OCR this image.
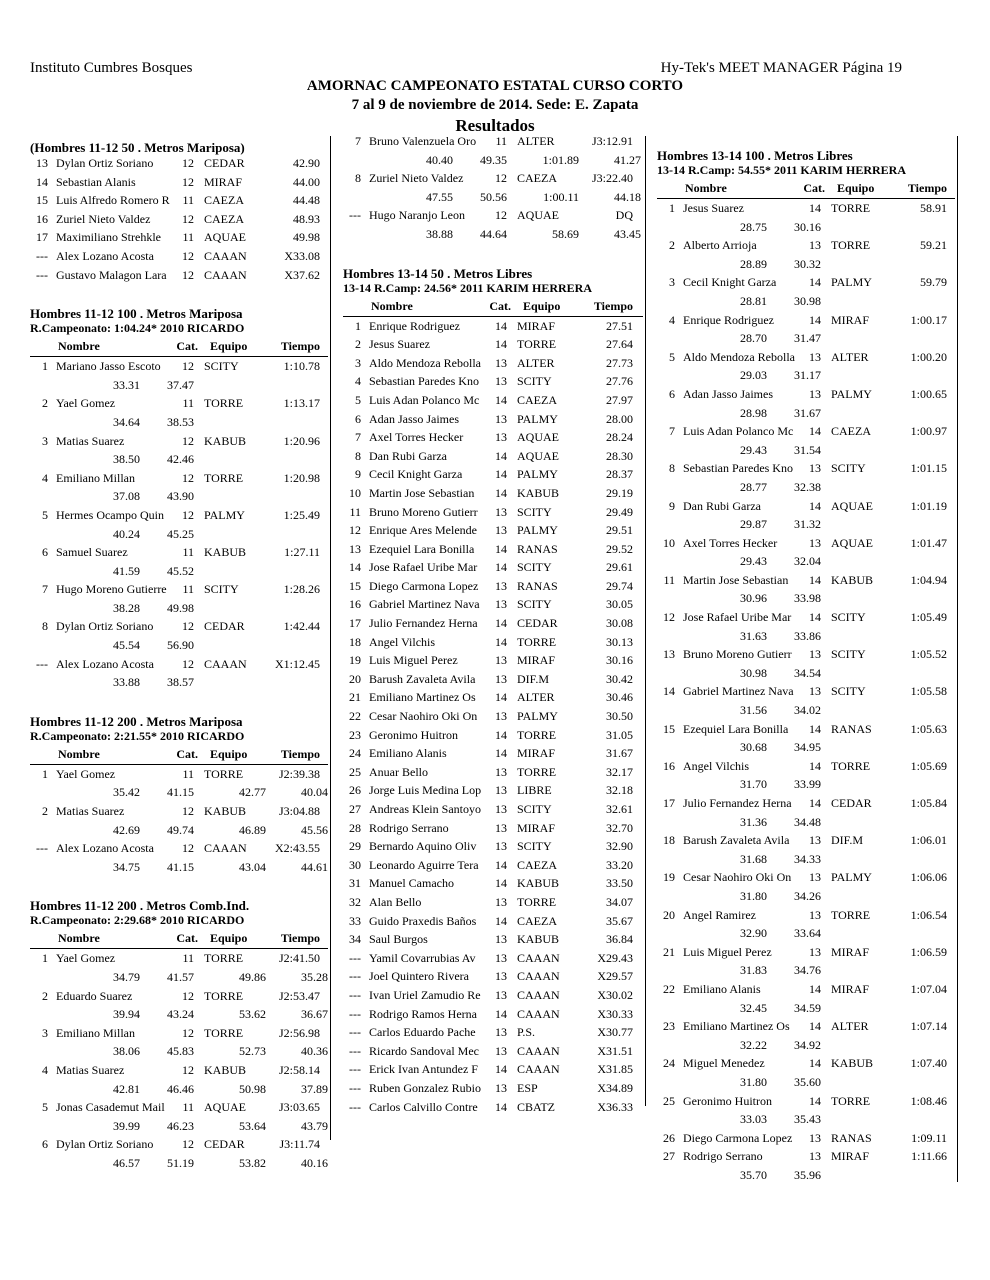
Instituto Cumbres Bosques	Hy-Tek's MEET MANAGER Página 19
AMORNAC CAMPEONATO ESTATAL CURSO CORTO
7 al 9 de noviembre de 2014. Sede: E. Zapata
Resultados
(Hombres 11-12 50 . Metros Mariposa)
13 Dylan Ortiz Soriano	12 CEDAR	42.90
14 Sebastian Alanis	12 MIRAF	44.00
15 Luis Alfredo Romero R	11 CAEZA	44.48
16 Zuriel Nieto Valdez	12 CAEZA	48.93
17 Maximiliano Strehkle	11 AQUAE	49.98
--- Alex Lozano Acosta	12 CAAAN	X33.08
--- Gustavo Malagon Lara	12 CAAAN	X37.62
Hombres 11-12 100 . Metros Mariposa
R.Campeonato: 1:04.24* 2010 RICARDO
Nombre	Cat. Equipo	Tiempo
1 Mariano Jasso Escoto	12 SCITY	1:10.78
33.31	37.47
2 Yael Gomez	11 TORRE	1:13.17
34.64	38.53
3 Matias Suarez	12 KABUB	1:20.96
38.50	42.46
4 Emiliano Millan	12 TORRE	1:20.98
37.08	43.90
5 Hermes Ocampo Quin	12 PALMY	1:25.49
40.24	45.25
6 Samuel Suarez	11 KABUB	1:27.11
41.59	45.52
7 Hugo Moreno Gutierre	11 SCITY	1:28.26
38.28	49.98
8 Dylan Ortiz Soriano	12 CEDAR	1:42.44
45.54	56.90
--- Alex Lozano Acosta	12 CAAAN	X1:12.45
33.88	38.57
Hombres 11-12 200 . Metros Mariposa
R.Campeonato: 2:21.55* 2010 RICARDO
Nombre	Cat. Equipo	Tiempo
1 Yael Gomez	11 TORRE	J2:39.38
35.42	41.15	42.77	40.04
2 Matias Suarez	12 KABUB	J3:04.88
42.69	49.74	46.89	45.56
--- Alex Lozano Acosta	12 CAAAN	X2:43.55
34.75	41.15	43.04	44.61
Hombres 11-12 200 . Metros Comb.Ind.
R.Campeonato: 2:29.68* 2010 RICARDO
Nombre	Cat. Equipo	Tiempo
1 Yael Gomez	11 TORRE	J2:41.50
34.79	41.57	49.86	35.28
2 Eduardo Suarez	12 TORRE	J2:53.47
39.94	43.24	53.62	36.67
3 Emiliano Millan	12 TORRE	J2:56.98
38.06	45.83	52.73	40.36
4 Matias Suarez	12 KABUB	J2:58.14
42.81	46.46	50.98	37.89
5 Jonas Casademut Mail	11 AQUAE	J3:03.65
39.99	46.23	53.64	43.79
6 Dylan Ortiz Soriano	12 CEDAR	J3:11.74
46.57	51.19	53.82	40.16
7 Bruno Valenzuela Oro	11 ALTER	J3:12.91
40.40	49.35	1:01.89	41.27
8 Zuriel Nieto Valdez	12 CAEZA	J3:22.40
47.55	50.56	1:00.11	44.18
--- Hugo Naranjo Leon	12 AQUAE	DQ
38.88	44.64	58.69	43.45
Hombres 13-14 50 . Metros Libres
13-14 R.Camp: 24.56* 2011 KARIM HERRERA
Nombre	Cat. Equipo	Tiempo
1 Enrique Rodriguez	14 MIRAF	27.51
2 Jesus Suarez	14 TORRE	27.64
3 Aldo Mendoza Rebolla	13 ALTER	27.73
4 Sebastian Paredes Kno	13 SCITY	27.76
5 Luis Adan Polanco Mc	14 CAEZA	27.97
6 Adan Jasso Jaimes	13 PALMY	28.00
7 Axel Torres Hecker	13 AQUAE	28.24
8 Dan Rubi Garza	14 AQUAE	28.30
9 Cecil Knight Garza	14 PALMY	28.37
10 Martin Jose Sebastian	14 KABUB	29.19
11 Bruno Moreno Gutierr	13 SCITY	29.49
12 Enrique Ares Melende	13 PALMY	29.51
13 Ezequiel Lara Bonilla	14 RANAS	29.52
14 Jose Rafael Uribe Mar	14 SCITY	29.61
15 Diego Carmona Lopez	13 RANAS	29.74
16 Gabriel Martinez Nava	13 SCITY	30.05
17 Julio Fernandez Herna	14 CEDAR	30.08
18 Angel Vilchis	14 TORRE	30.13
19 Luis Miguel Perez	13 MIRAF	30.16
20 Barush Zavaleta Avila	13 DIF.M	30.42
21 Emiliano Martinez Os	14 ALTER	30.46
22 Cesar Naohiro Oki On	13 PALMY	30.50
23 Geronimo Huitron	14 TORRE	31.05
24 Emiliano Alanis	14 MIRAF	31.67
25 Anuar Bello	13 TORRE	32.17
26 Jorge Luis Medina Lop	13 LIBRE	32.18
27 Andreas Klein Santoyo	13 SCITY	32.61
28 Rodrigo Serrano	13 MIRAF	32.70
29 Bernardo Aquino Oliv	13 SCITY	32.90
30 Leonardo Aguirre Tera	14 CAEZA	33.20
31 Manuel Camacho	14 KABUB	33.50
32 Alan Bello	13 TORRE	34.07
33 Guido Praxedis Baños	14 CAEZA	35.67
34 Saul Burgos	13 KABUB	36.84
--- Yamil Covarrubias Av	13 CAAAN	X29.43
--- Joel Quintero Rivera	13 CAAAN	X29.57
--- Ivan Uriel Zamudio Re	13 CAAAN	X30.02
--- Rodrigo Ramos Herna	14 CAAAN	X30.33
--- Carlos Eduardo Pache	13 P.S.	X30.77
--- Ricardo Sandoval Mec	13 CAAAN	X31.51
--- Erick Ivan Antundez F	14 CAAAN	X31.85
--- Ruben Gonzalez Rubio	13 ESP	X34.89
--- Carlos Calvillo Contre	14 CBATZ	X36.33
Hombres 13-14 100 . Metros Libres
13-14 R.Camp: 54.55* 2011 KARIM HERRERA
Nombre	Cat. Equipo	Tiempo
1 Jesus Suarez	14 TORRE	58.91
28.75	30.16
2 Alberto Arrioja	13 TORRE	59.21
28.89	30.32
3 Cecil Knight Garza	14 PALMY	59.79
28.81	30.98
4 Enrique Rodriguez	14 MIRAF	1:00.17
28.70	31.47
5 Aldo Mendoza Rebolla	13 ALTER	1:00.20
29.03	31.17
6 Adan Jasso Jaimes	13 PALMY	1:00.65
28.98	31.67
7 Luis Adan Polanco Mc	14 CAEZA	1:00.97
29.43	31.54
8 Sebastian Paredes Kno	13 SCITY	1:01.15
28.77	32.38
9 Dan Rubi Garza	14 AQUAE	1:01.19
29.87	31.32
10 Axel Torres Hecker	13 AQUAE	1:01.47
29.43	32.04
11 Martin Jose Sebastian	14 KABUB	1:04.94
30.96	33.98
12 Jose Rafael Uribe Mar	14 SCITY	1:05.49
31.63	33.86
13 Bruno Moreno Gutierr	13 SCITY	1:05.52
30.98	34.54
14 Gabriel Martinez Nava	13 SCITY	1:05.58
31.56	34.02
15 Ezequiel Lara Bonilla	14 RANAS	1:05.63
30.68	34.95
16 Angel Vilchis	14 TORRE	1:05.69
31.70	33.99
17 Julio Fernandez Herna	14 CEDAR	1:05.84
31.36	34.48
18 Barush Zavaleta Avila	13 DIF.M	1:06.01
31.68	34.33
19 Cesar Naohiro Oki On	13 PALMY	1:06.06
31.80	34.26
20 Angel Ramirez	13 TORRE	1:06.54
32.90	33.64
21 Luis Miguel Perez	13 MIRAF	1:06.59
31.83	34.76
22 Emiliano Alanis	14 MIRAF	1:07.04
32.45	34.59
23 Emiliano Martinez Os	14 ALTER	1:07.14
32.22	34.92
24 Miguel Menedez	14 KABUB	1:07.40
31.80	35.60
25 Geronimo Huitron	14 TORRE	1:08.46
33.03	35.43
26 Diego Carmona Lopez	13 RANAS	1:09.11
27 Rodrigo Serrano	13 MIRAF	1:11.66
35.70	35.96
